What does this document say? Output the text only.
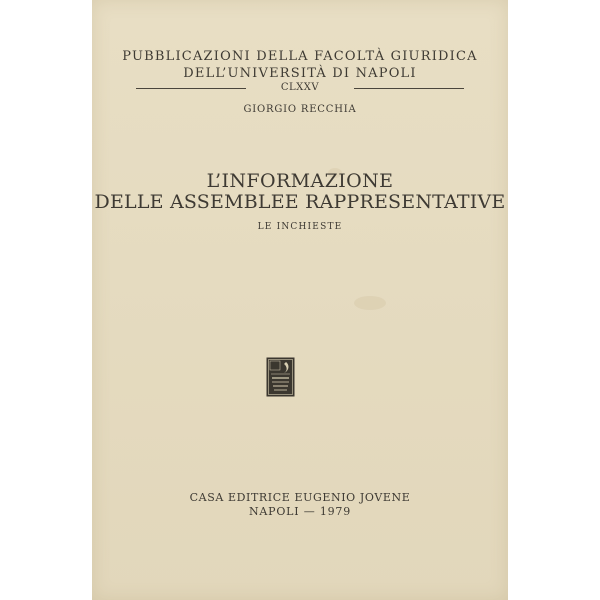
PUBBLICAZIONI DELLA FACOLTÀ GIURIDICA
DELL’UNIVERSITÀ DI NAPOLI
CLXXV
GIORGIO RECCHIA
L’INFORMAZIONE
DELLE ASSEMBLEE RAPPRESENTATIVE
LE INCHIESTE
CASA EDITRICE EUGENIO JOVENE
NAPOLI — 1979
